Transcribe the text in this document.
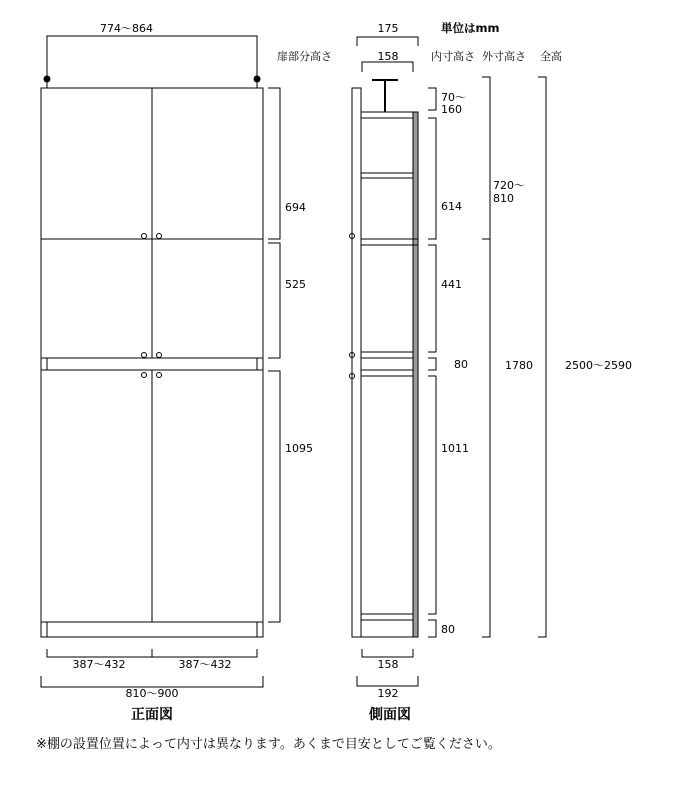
単位はmm
774～864
扉部分高さ
175
158	内寸高さ 外寸高さ 全高
694
525
1095
70～160
614
441
80
1011
80
720～810
1780	2500～2590
387～432	387～432
810～900
158
192
正面図	側面図
※棚の設置位置によって内寸は異なります。あくまで目安としてご覧ください。
